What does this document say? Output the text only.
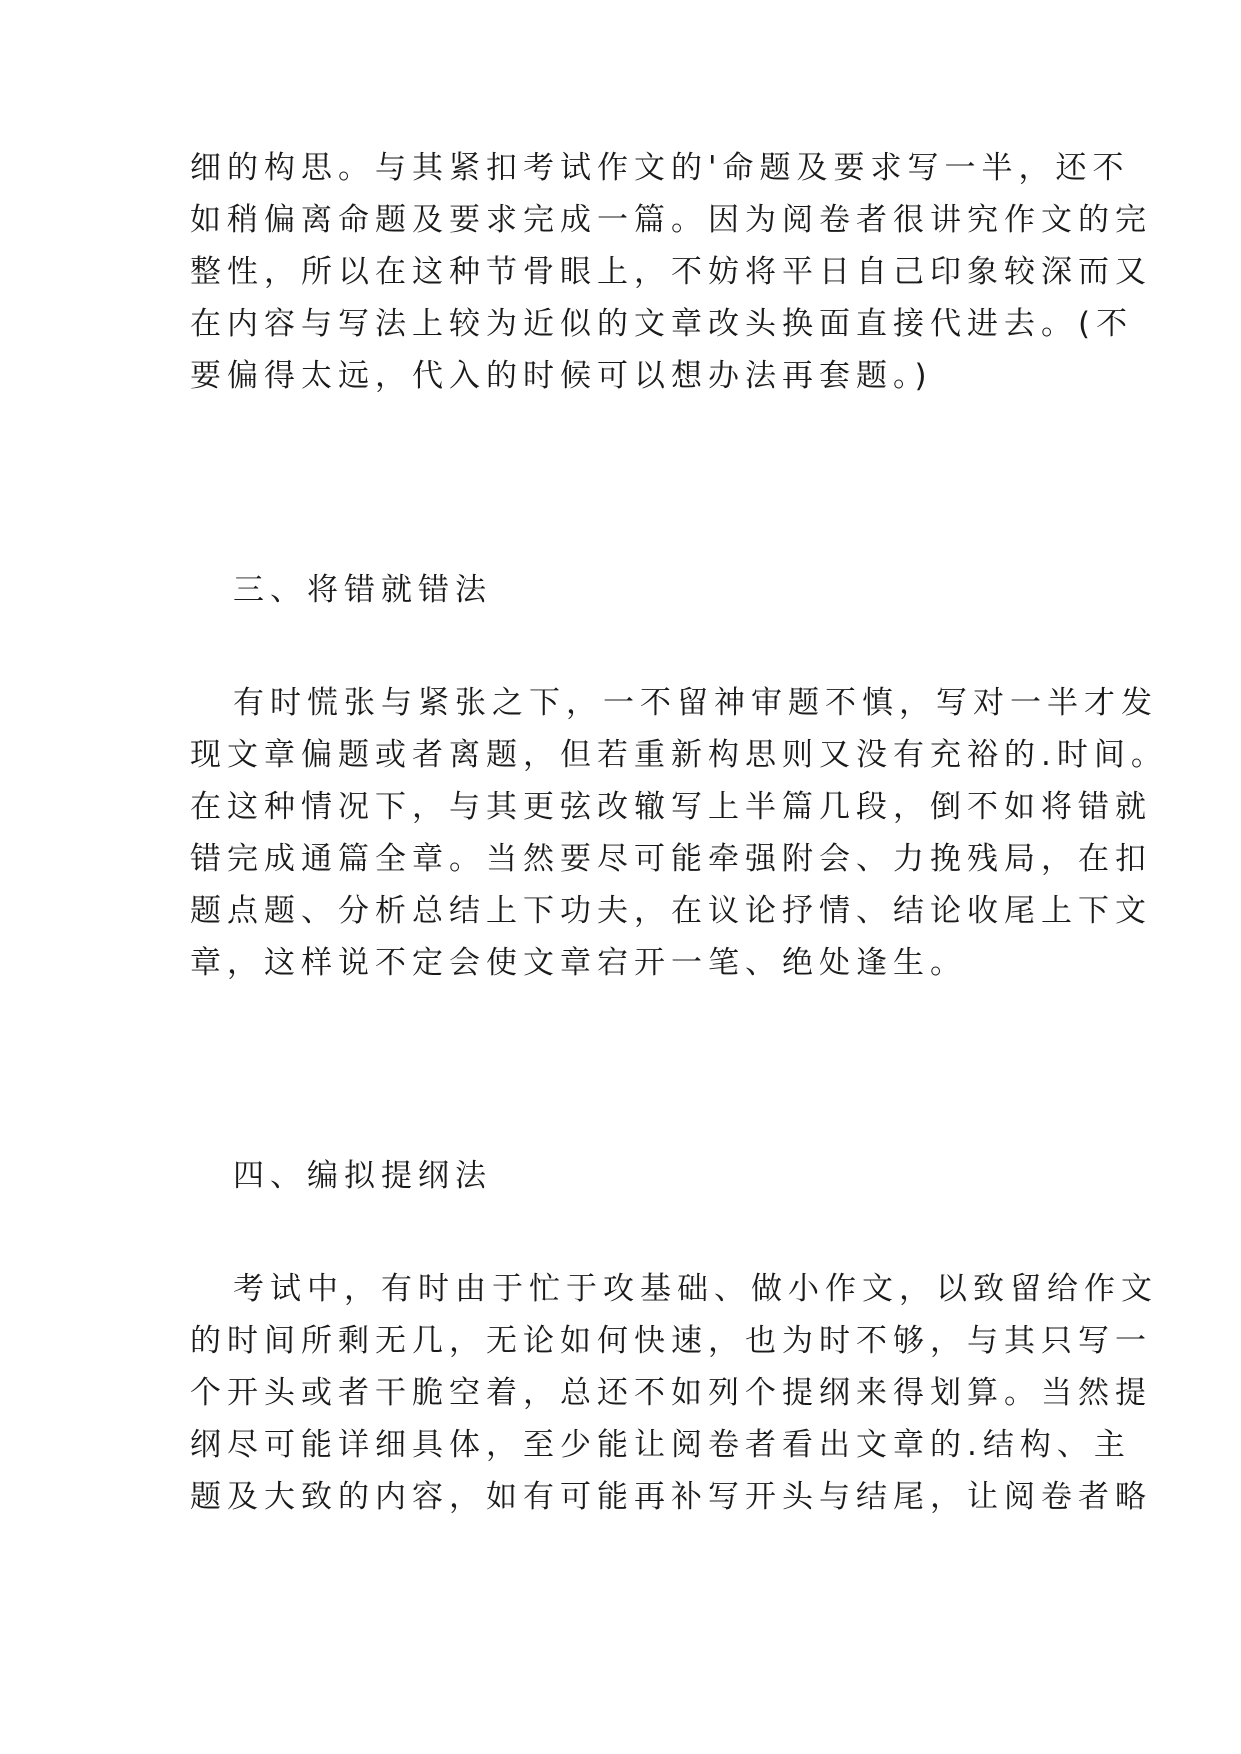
细的构思。与其紧扣考试作文的'命题及要求写一半，还不
如稍偏离命题及要求完成一篇。因为阅卷者很讲究作文的完
整性，所以在这种节骨眼上，不妨将平日自己印象较深而又
在内容与写法上较为近似的文章改头换面直接代进去。(不
要偏得太远，代入的时候可以想办法再套题。)
三、将错就错法
有时慌张与紧张之下，一不留神审题不慎，写对一半才发
现文章偏题或者离题，但若重新构思则又没有充裕的.时间。
在这种情况下，与其更弦改辙写上半篇几段，倒不如将错就
错完成通篇全章。当然要尽可能牵强附会、力挽残局，在扣
题点题、分析总结上下功夫，在议论抒情、结论收尾上下文
章，这样说不定会使文章宕开一笔、绝处逢生。
四、编拟提纲法
考试中，有时由于忙于攻基础、做小作文，以致留给作文
的时间所剩无几，无论如何快速，也为时不够，与其只写一
个开头或者干脆空着，总还不如列个提纲来得划算。当然提
纲尽可能详细具体，至少能让阅卷者看出文章的.结构、主
题及大致的内容，如有可能再补写开头与结尾，让阅卷者略
